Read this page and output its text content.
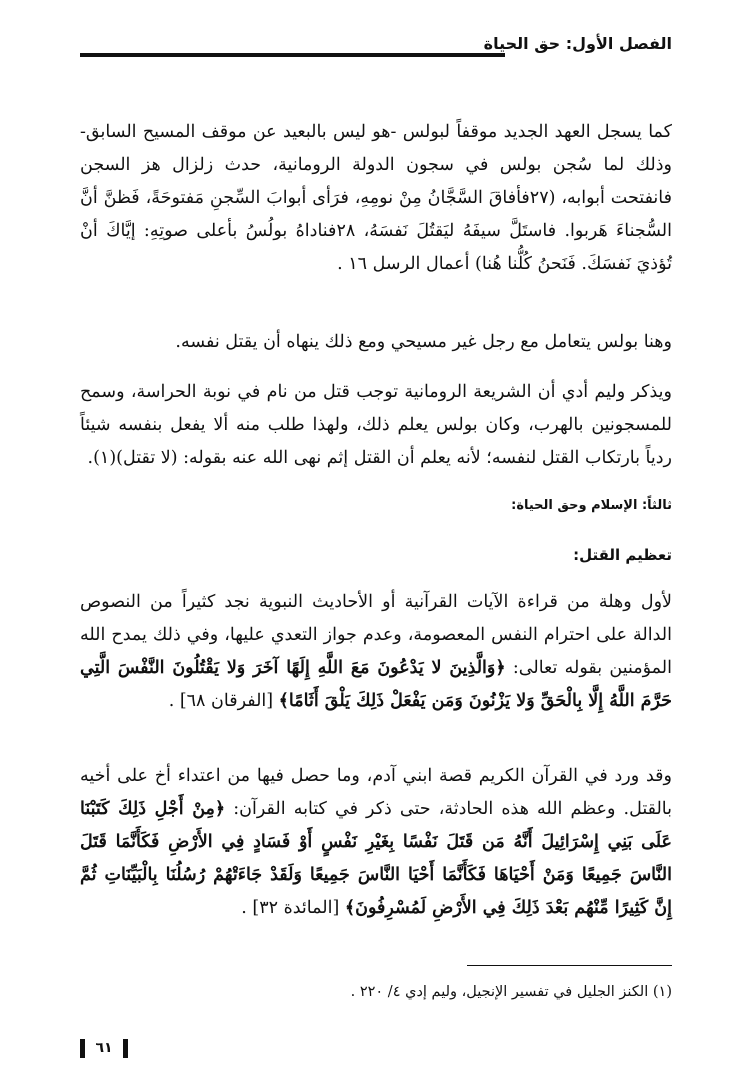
الفصل الأول: حق الحياة

كما يسجل العهد الجديد موقفاً لبولس -هو ليس بالبعيد عن موقف المسيح السابق- وذلك لما سُجن بولس في سجون الدولة الرومانية، حدث زلزال هز السجن فانفتحت أبوابه، (٢٧فأفاقَ السَّجَّانُ مِنْ نومِهِ، فرَأى أبوابَ السِّجنِ مَفتوحَةً، فَظنَّ أنَّ السُّجناءَ هَربوا. فاستَلَّ سيفَهُ ليَقتُلَ نَفسَهُ، ٢٨فناداهُ بولُسُ بأعلى صوتِهِ: إيَّاكَ أنْ تُؤذيَ نَفسَكَ. فَنَحنُ كُلُّنا هُنا) أعمال الرسل ١٦ .

وهنا بولس يتعامل مع رجل غير مسيحي ومع ذلك ينهاه أن يقتل نفسه.

ويذكر وليم أدي أن الشريعة الرومانية توجب قتل من نام في نوبة الحراسة، وسمح للمسجونين بالهرب، وكان بولس يعلم ذلك، ولهذا طلب منه ألا يفعل بنفسه شيئاً ردياً بارتكاب القتل لنفسه؛ لأنه يعلم أن القتل إثم نهى الله عنه بقوله: (لا تقتل)(١).

ثالثاً: الإسلام وحق الحياة:
تعظيم القتل:

لأول وهلة من قراءة الآيات القرآنية أو الأحاديث النبوية نجد كثيراً من النصوص الدالة على احترام النفس المعصومة، وعدم جواز التعدي عليها، وفي ذلك يمدح الله المؤمنين بقوله تعالى: ﴿وَالَّذِينَ لا يَدْعُونَ مَعَ اللَّهِ إِلَهًا آخَرَ وَلا يَقْتُلُونَ النَّفْسَ الَّتِي حَرَّمَ اللَّهُ إِلَّا بِالْحَقِّ وَلا يَزْنُونَ وَمَن يَفْعَلْ ذَلِكَ يَلْقَ أَثَامًا﴾ [الفرقان ٦٨] .

وقد ورد في القرآن الكريم قصة ابني آدم، وما حصل فيها من اعتداء أخ على أخيه بالقتل. وعظم الله هذه الحادثة، حتى ذكر في كتابه القرآن: ﴿مِنْ أَجْلِ ذَلِكَ كَتَبْنَا عَلَى بَنِي إِسْرَائِيلَ أَنَّهُ مَن قَتَلَ نَفْسًا بِغَيْرِ نَفْسٍ أَوْ فَسَادٍ فِي الأَرْضِ فَكَأَنَّمَا قَتَلَ النَّاسَ جَمِيعًا وَمَنْ أَحْيَاهَا فَكَأَنَّمَا أَحْيَا النَّاسَ جَمِيعًا وَلَقَدْ جَاءَتْهُمْ رُسُلُنَا بِالْبَيِّنَاتِ ثُمَّ إِنَّ كَثِيرًا مِّنْهُم بَعْدَ ذَلِكَ فِي الأَرْضِ لَمُسْرِفُونَ﴾ [المائدة ٣٢] .

(١) الكنز الجليل في تفسير الإنجيل، وليم إدي ٤/ ٢٢٠ .
٦١
